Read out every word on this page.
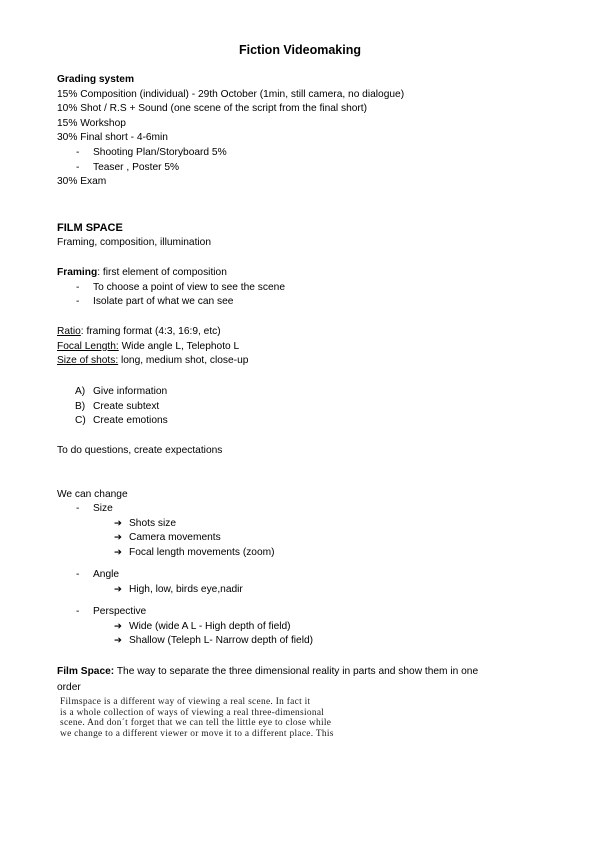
Fiction Videomaking
Grading system
15% Composition (individual) - 29th October (1min, still camera, no dialogue)
10% Shot / R.S + Sound (one scene of the script from the final short)
15% Workshop
30% Final short - 4-6min
- Shooting Plan/Storyboard 5%
- Teaser , Poster 5%
30% Exam
FILM SPACE
Framing, composition, illumination
Framing: first element of composition
- To choose a point of view to see the scene
- Isolate part of what we can see
Ratio: framing format (4:3, 16:9, etc)
Focal Length: Wide angle L, Telephoto L
Size of shots: long, medium shot, close-up
A) Give information
B) Create subtext
C) Create emotions
To do questions, create expectations
We can change
- Size
➔ Shots size
➔ Camera movements
➔ Focal length movements (zoom)
- Angle
➔ High, low, birds eye,nadir
- Perspective
➔ Wide (wide A L - High depth of field)
➔ Shallow (Teleph L- Narrow depth of field)
Film Space: The way to separate the three dimensional reality in parts and show them in one
order
Filmspace is a different way of viewing a real scene. In fact it
is a whole collection of ways of viewing a real three-dimensional
scene. And don´t forget that we can tell the little eye to close while
we change to a different viewer or move it to a different place. This
